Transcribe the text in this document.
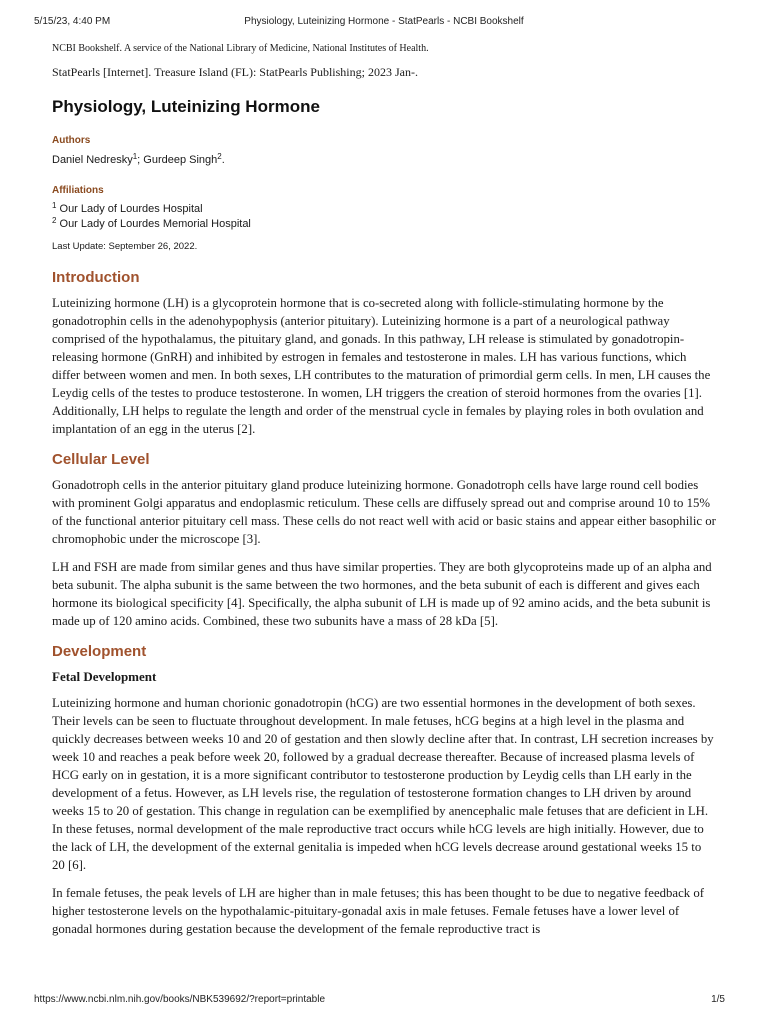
5/15/23, 4:40 PM	Physiology, Luteinizing Hormone - StatPearls - NCBI Bookshelf

NCBI Bookshelf. A service of the National Library of Medicine, National Institutes of Health.

StatPearls [Internet]. Treasure Island (FL): StatPearls Publishing; 2023 Jan-.

Physiology, Luteinizing Hormone
Authors
Daniel Nedresky$^1$; Gurdeep Singh$^2$.
Affiliations
$^1$ Our Lady of Lourdes Hospital
$^2$ Our Lady of Lourdes Memorial Hospital
Last Update: September 26, 2022.
Introduction

Luteinizing hormone (LH) is a glycoprotein hormone that is co-secreted along with follicle-stimulating hormone by the gonadotrophin cells in the adenohypophysis (anterior pituitary). Luteinizing hormone is a part of a neurological pathway comprised of the hypothalamus, the pituitary gland, and gonads. In this pathway, LH release is stimulated by gonadotropin-releasing hormone (GnRH) and inhibited by estrogen in females and testosterone in males. LH has various functions, which differ between women and men. In both sexes, LH contributes to the maturation of primordial germ cells. In men, LH causes the Leydig cells of the testes to produce testosterone. In women, LH triggers the creation of steroid hormones from the ovaries [1]. Additionally, LH helps to regulate the length and order of the menstrual cycle in females by playing roles in both ovulation and implantation of an egg in the uterus [2].

Cellular Level

Gonadotroph cells in the anterior pituitary gland produce luteinizing hormone. Gonadotroph cells have large round cell bodies with prominent Golgi apparatus and endoplasmic reticulum. These cells are diffusely spread out and comprise around 10 to 15% of the functional anterior pituitary cell mass. These cells do not react well with acid or basic stains and appear either basophilic or chromophobic under the microscope [3].

LH and FSH are made from similar genes and thus have similar properties. They are both glycoproteins made up of an alpha and beta subunit. The alpha subunit is the same between the two hormones, and the beta subunit of each is different and gives each hormone its biological specificity [4]. Specifically, the alpha subunit of LH is made up of 92 amino acids, and the beta subunit is made up of 120 amino acids. Combined, these two subunits have a mass of 28 kDa [5].

Development
Fetal Development

Luteinizing hormone and human chorionic gonadotropin (hCG) are two essential hormones in the development of both sexes. Their levels can be seen to fluctuate throughout development. In male fetuses, hCG begins at a high level in the plasma and quickly decreases between weeks 10 and 20 of gestation and then slowly decline after that. In contrast, LH secretion increases by week 10 and reaches a peak before week 20, followed by a gradual decrease thereafter. Because of increased plasma levels of HCG early on in gestation, it is a more significant contributor to testosterone production by Leydig cells than LH early in the development of a fetus. However, as LH levels rise, the regulation of testosterone formation changes to LH driven by around weeks 15 to 20 of gestation. This change in regulation can be exemplified by anencephalic male fetuses that are deficient in LH. In these fetuses, normal development of the male reproductive tract occurs while hCG levels are high initially. However, due to the lack of LH, the development of the external genitalia is impeded when hCG levels decrease around gestational weeks 15 to 20 [6].

In female fetuses, the peak levels of LH are higher than in male fetuses; this has been thought to be due to negative feedback of higher testosterone levels on the hypothalamic-pituitary-gonadal axis in male fetuses. Female fetuses have a lower level of gonadal hormones during gestation because the development of the female reproductive tract is

https://www.ncbi.nlm.nih.gov/books/NBK539692/?report=printable	1/5
